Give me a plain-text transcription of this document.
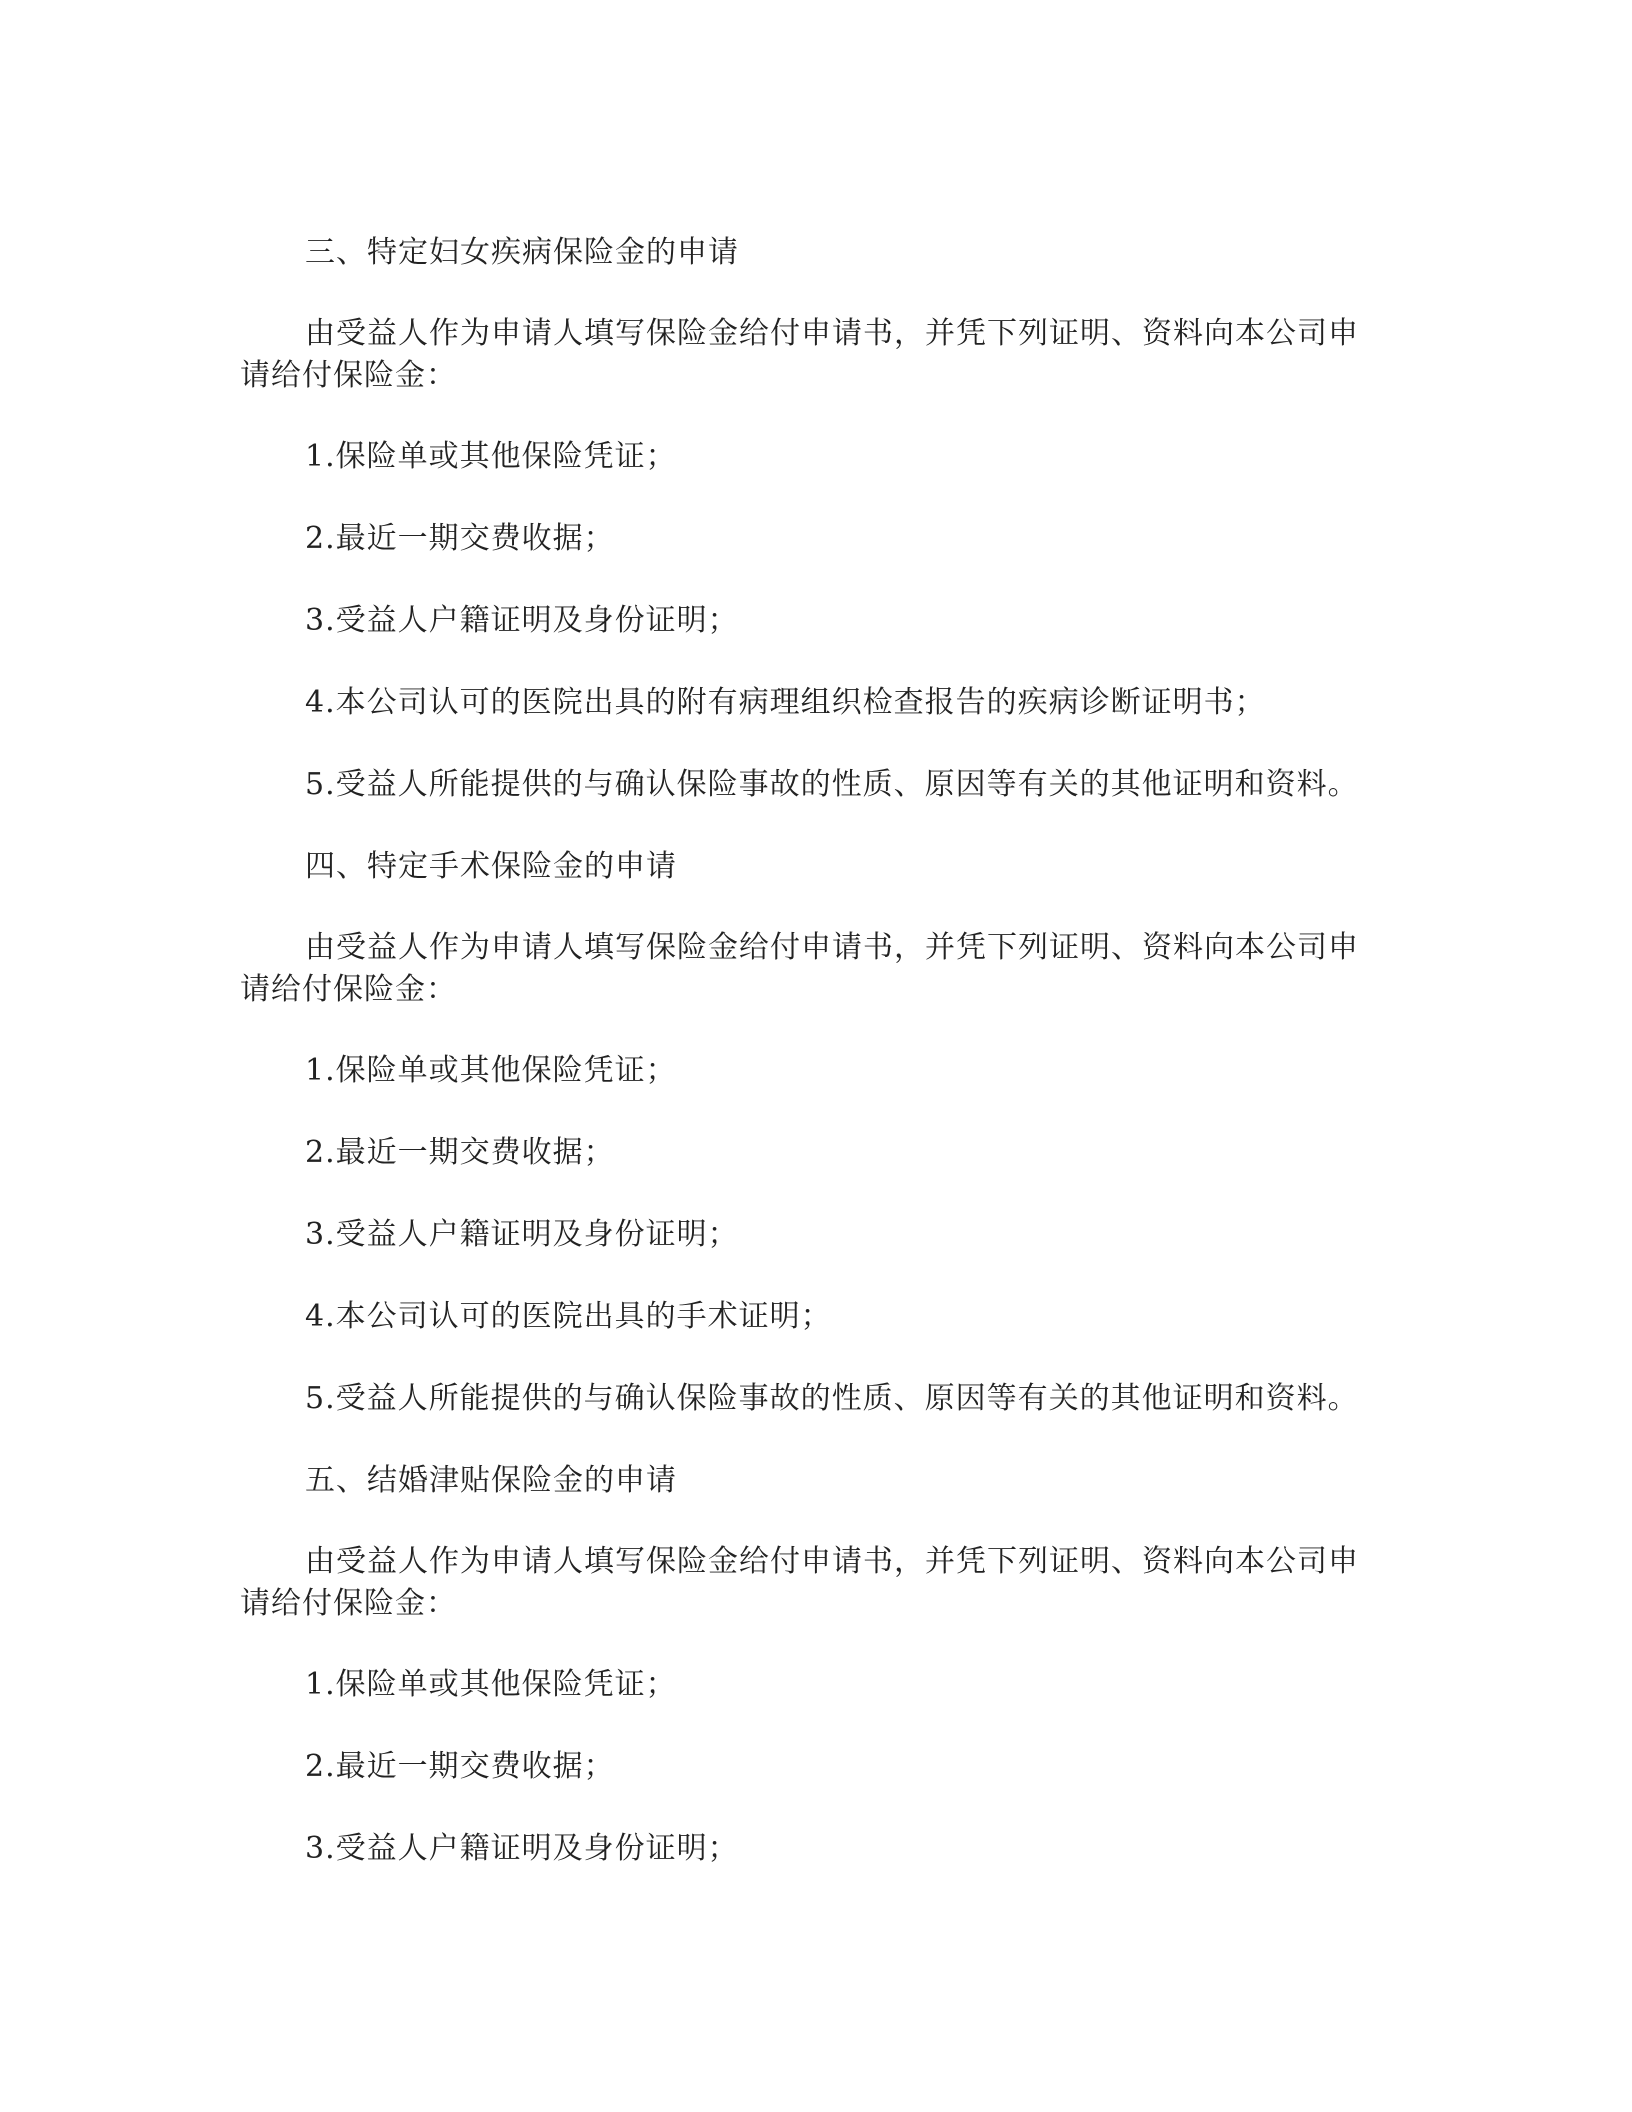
三、特定妇女疾病保险金的申请

由受益人作为申请人填写保险金给付申请书，并凭下列证明、资料向本公司申

请给付保险金：

1.保险单或其他保险凭证；

2.最近一期交费收据；

3.受益人户籍证明及身份证明；

4.本公司认可的医院出具的附有病理组织检查报告的疾病诊断证明书；

5.受益人所能提供的与确认保险事故的性质、原因等有关的其他证明和资料。

四、特定手术保险金的申请

由受益人作为申请人填写保险金给付申请书，并凭下列证明、资料向本公司申

请给付保险金：

1.保险单或其他保险凭证；

2.最近一期交费收据；

3.受益人户籍证明及身份证明；

4.本公司认可的医院出具的手术证明；

5.受益人所能提供的与确认保险事故的性质、原因等有关的其他证明和资料。

五、结婚津贴保险金的申请

由受益人作为申请人填写保险金给付申请书，并凭下列证明、资料向本公司申

请给付保险金：

1.保险单或其他保险凭证；

2.最近一期交费收据；

3.受益人户籍证明及身份证明；
